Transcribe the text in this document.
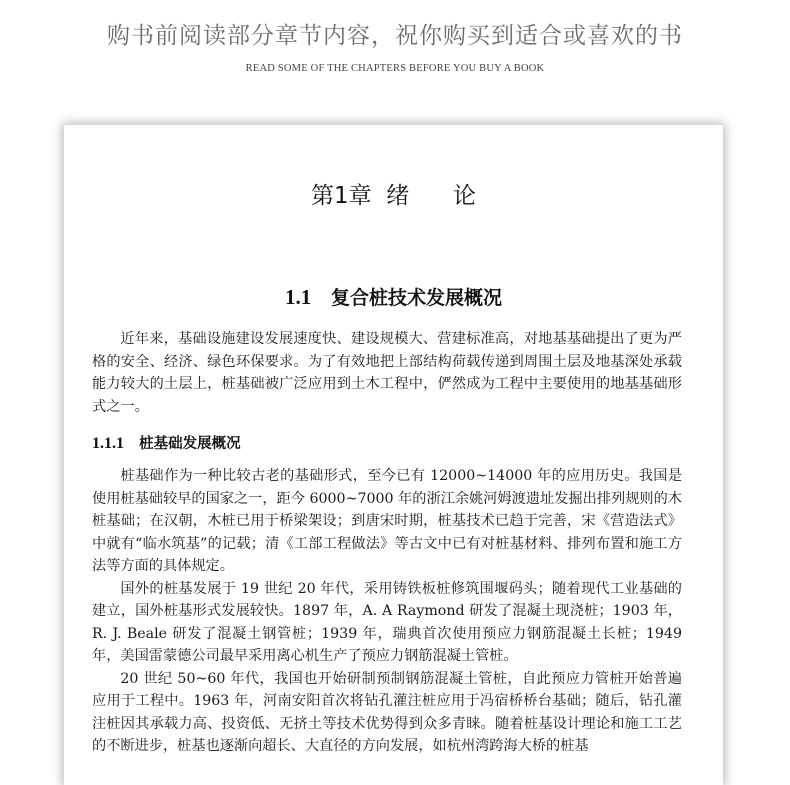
购书前阅读部分章节内容，祝你购买到适合或喜欢的书
READ SOME OF THE CHAPTERS BEFORE YOU BUY A BOOK
第1章  绪      论
1.1 复合桩技术发展概况

近年来，基础设施建设发展速度快、建设规模大、营建标准高，对地基基础提出了更为严格的安全、经济、绿色环保要求。为了有效地把上部结构荷载传递到周围土层及地基深处承载能力较大的土层上，桩基础被广泛应用到土木工程中，俨然成为工程中主要使用的地基基础形式之一。

1.1.1 桩基础发展概况

桩基础作为一种比较古老的基础形式，至今已有 12000~14000 年的应用历史。我国是使用桩基础较早的国家之一，距今 6000~7000 年的浙江余姚河姆渡遗址发掘出排列规则的木桩基础；在汉朝，木桩已用于桥梁架设；到唐宋时期，桩基技术已趋于完善，宋《营造法式》中就有“临水筑基”的记载；清《工部工程做法》等古文中已有对桩基材料、排列布置和施工方法等方面的具体规定。

国外的桩基发展于 19 世纪 20 年代，采用铸铁板桩修筑围堰码头；随着现代工业基础的建立，国外桩基形式发展较快。1897 年，A. A Raymond 研发了混凝土现浇桩；1903 年，R. J. Beale 研发了混凝土钢管桩；1939 年，瑞典首次使用预应力钢筋混凝土长桩；1949 年，美国雷蒙德公司最早采用离心机生产了预应力钢筋混凝土管桩。

20 世纪 50~60 年代，我国也开始研制预制钢筋混凝土管桩，自此预应力管桩开始普遍应用于工程中。1963 年，河南安阳首次将钻孔灌注桩应用于冯宿桥桥台基础；随后，钻孔灌注桩因其承载力高、投资低、无挤土等技术优势得到众多青睐。随着桩基设计理论和施工工艺的不断进步，桩基也逐渐向超长、大直径的方向发展，如杭州湾跨海大桥的桩基
